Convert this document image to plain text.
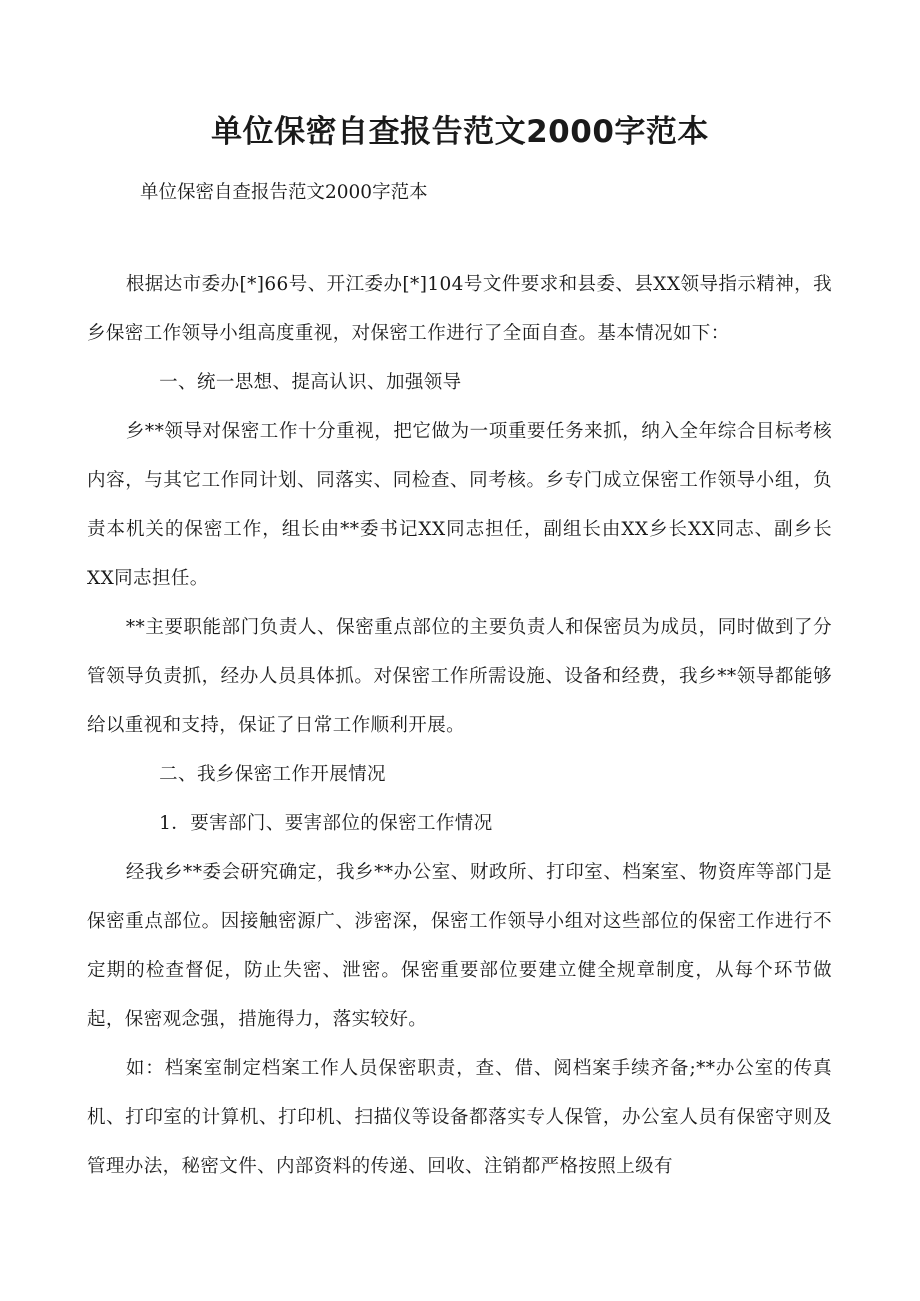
单位保密自查报告范文2000字范本
单位保密自查报告范文2000字范本

根据达市委办[*]66号、开江委办[*]104号文件要求和县委、县XX领导指示精神，我乡保密工作领导小组高度重视，对保密工作进行了全面自查。基本情况如下：

一、统一思想、提高认识、加强领导

乡**领导对保密工作十分重视，把它做为一项重要任务来抓，纳入全年综合目标考核内容，与其它工作同计划、同落实、同检查、同考核。乡专门成立保密工作领导小组，负责本机关的保密工作，组长由**委书记XX同志担任，副组长由XX乡长XX同志、副乡长XX同志担任。

**主要职能部门负责人、保密重点部位的主要负责人和保密员为成员，同时做到了分管领导负责抓，经办人员具体抓。对保密工作所需设施、设备和经费，我乡**领导都能够给以重视和支持，保证了日常工作顺利开展。

二、我乡保密工作开展情况

1．要害部门、要害部位的保密工作情况

经我乡**委会研究确定，我乡**办公室、财政所、打印室、档案室、物资库等部门是保密重点部位。因接触密源广、涉密深，保密工作领导小组对这些部位的保密工作进行不定期的检查督促，防止失密、泄密。保密重要部位要建立健全规章制度，从每个环节做起，保密观念强，措施得力，落实较好。

如：档案室制定档案工作人员保密职责，查、借、阅档案手续齐备;**办公室的传真机、打印室的计算机、打印机、扫描仪等设备都落实专人保管，办公室人员有保密守则及管理办法，秘密文件、内部资料的传递、回收、注销都严格按照上级有
